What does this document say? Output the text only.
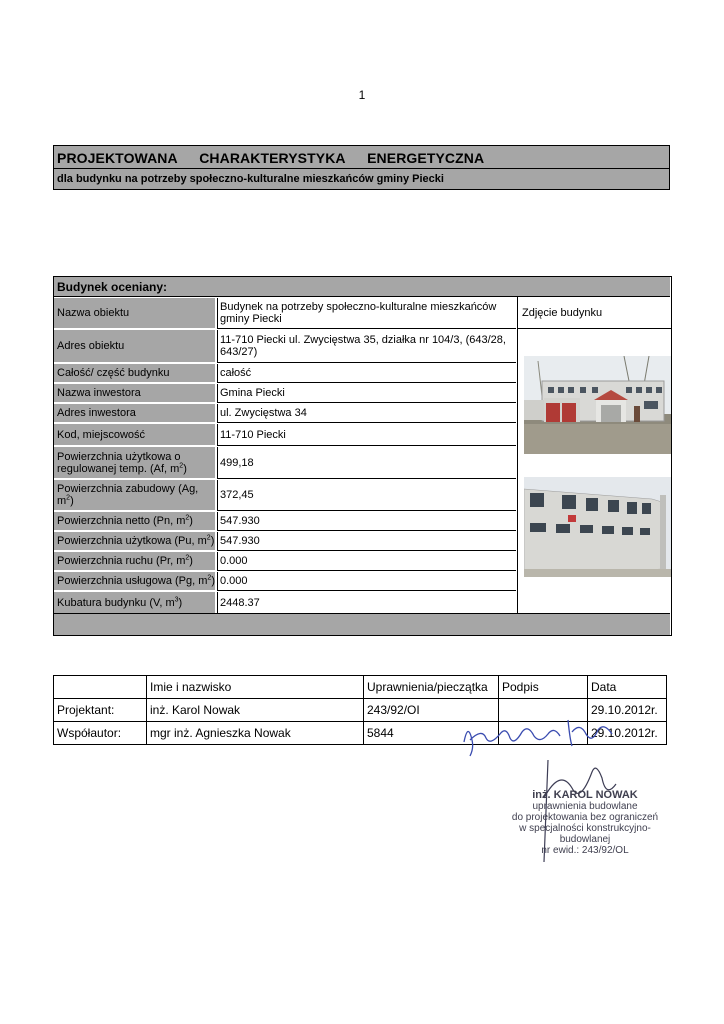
1
PROJEKTOWANA CHARAKTERYSTYKA ENERGETYCZNA
dla budynku na potrzeby społeczno-kulturalne mieszkańców gminy Piecki
Budynek oceniany:
Nazwa obiektu	Budynek na potrzeby społeczno-kulturalne mieszkańców gminy Piecki
Adres obiektu	11-710 Piecki ul. Zwycięstwa 35, działka nr 104/3, (643/28, 643/27)
Całość/ część budynku	całość
Nazwa inwestora	Gmina Piecki
Adres inwestora	ul. Zwycięstwa 34
Kod, miejscowość	11-710 Piecki
Powierzchnia użytkowa o regulowanej temp. (Af, $m^2$)	499,18
Powierzchnia zabudowy (Ag, $m^2$)	372,45
Powierzchnia netto (Pn, $m^2$) 547.930
Powierzchnia użytkowa (Pu, $m^2$) 547.930
Powierzchnia ruchu (Pr, $m^2$) 0.000
Powierzchnia usługowa (Pg, $m^2$) 0.000
Kubatura budynku (V, $m^3$)	2448.37
Zdjęcie budynku
	Imie i nazwisko	Uprawnienia/pieczątka	Podpis	Data
Projektant:	inż. Karol Nowak	243/92/OI		29.10.2012r.
Współautor:	mgr inż. Agnieszka Nowak	5844		29.10.2012r.
inż. KAROL NOWAK
uprawnienia budowlane
do projektowania bez ograniczeń
w specjalności konstrukcyjno-budowlanej
nr ewid.: 243/92/OL
